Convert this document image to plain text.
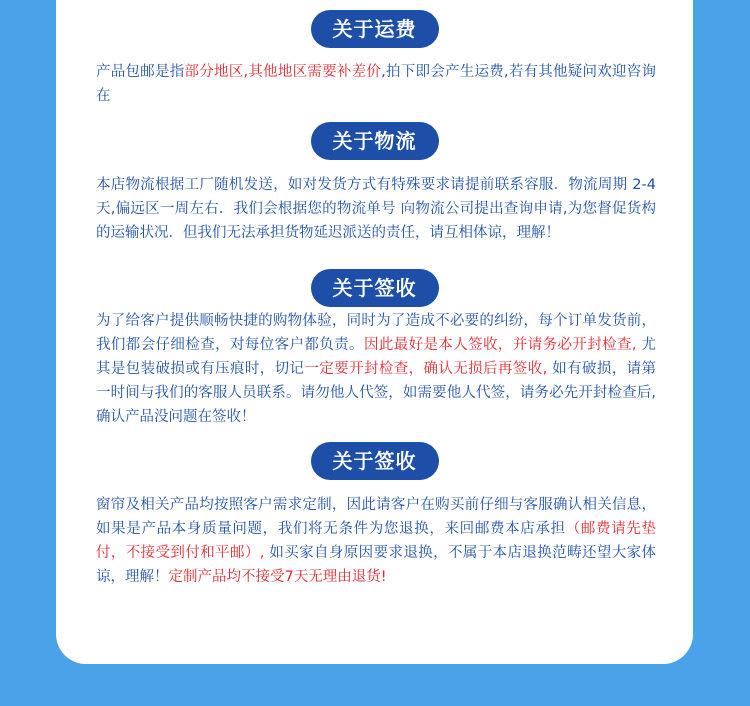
关于运费
产品包邮是指部分地区,其他地区需要补差价,拍下即会产生运费,若有其他疑问欢迎咨询在
关于物流
本店物流根据工厂随机发送，如对发货方式有特殊要求请提前联系容服．物流周期 2-4 天,偏远区一周左右．我们会根据您的物流单号 向物流公司提出查询申请,为您督促货构的运输状况．但我们无法承担货物延迟派送的责任，请互相体谅，理解！
关于签收
为了给客户提供顺畅快捷的购物体验，同时为了造成不必要的纠纷，每个订单发货前，我们都会仔细检查，对每位客户都负责。因此最好是本人签收，并请务必开封检查, 尤其是包装破损或有压痕时，切记一定要开封检查，确认无损后再签收, 如有破损，请第一时间与我们的客服人员联系。请勿他人代签，如需要他人代签，请务必先开封检查后,确认产品没问题在签收！
关于签收
窗帘及相关产品均按照客户需求定制，因此请客户在购买前仔细与客服确认相关信息，如果是产品本身质量问题，我们将无条件为您退换，来回邮费本店承担（邮费请先垫付，不接受到付和平邮）, 如买家自身原因要求退换，不属于本店退换范畴还望大家体谅，理解！定制产品均不接受7天无理由退货!
